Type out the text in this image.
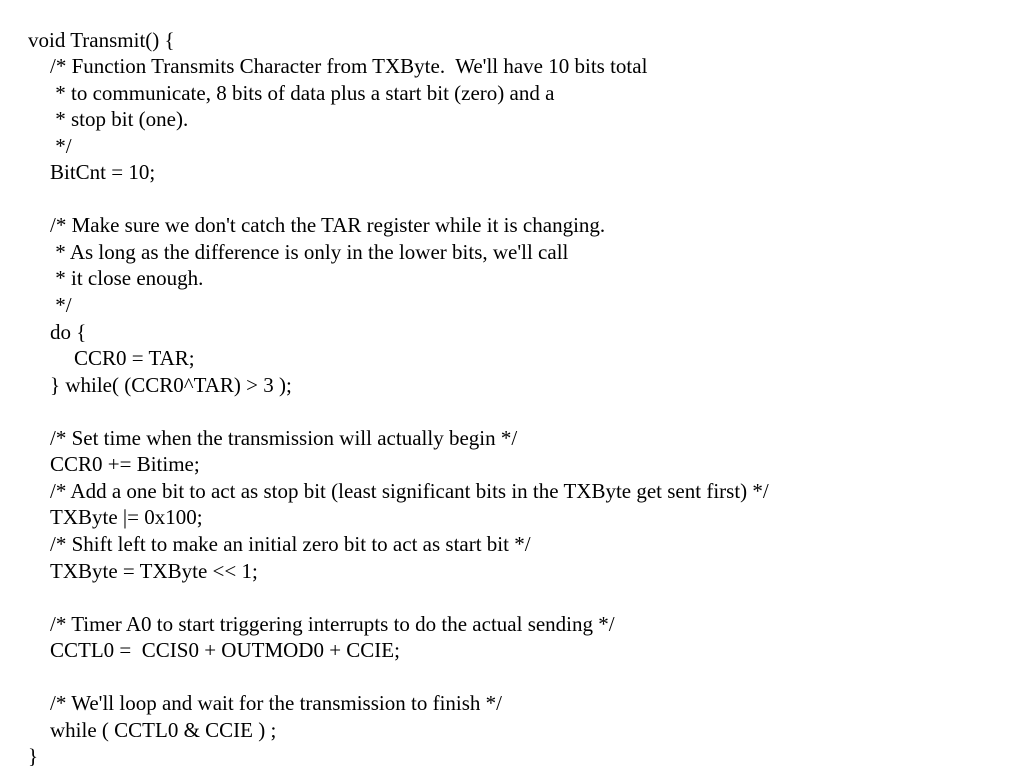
void Transmit() {
/* Function Transmits Character from TXByte.  We'll have 10 bits total
* to communicate, 8 bits of data plus a start bit (zero) and a
* stop bit (one).
*/
BitCnt = 10;
/* Make sure we don't catch the TAR register while it is changing.
* As long as the difference is only in the lower bits, we'll call
* it close enough.
*/
do {
CCR0 = TAR;
} while( (CCR0^TAR) > 3 );
/* Set time when the transmission will actually begin */
CCR0 += Bitime;
/* Add a one bit to act as stop bit (least significant bits in the TXByte get sent first) */
TXByte |= 0x100;
/* Shift left to make an initial zero bit to act as start bit */
TXByte = TXByte << 1;
/* Timer A0 to start triggering interrupts to do the actual sending */
CCTL0 =  CCIS0 + OUTMOD0 + CCIE;
/* We'll loop and wait for the transmission to finish */
while ( CCTL0 & CCIE ) ;
}
